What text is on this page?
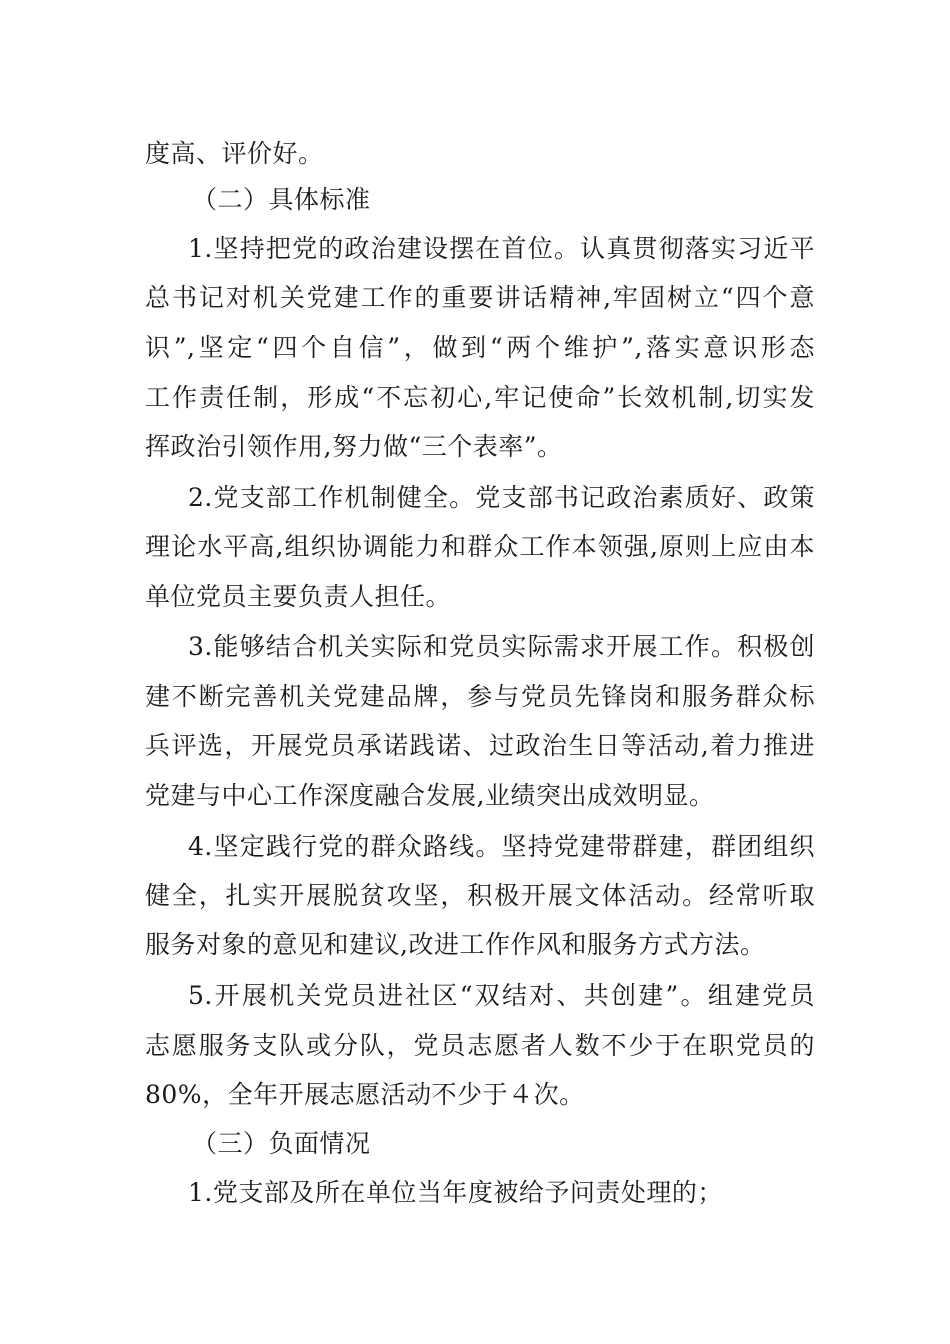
度高、评价好。
（二）具体标准
1.坚持把党的政治建设摆在首位。认真贯彻落实习近平
总书记对机关党建工作的重要讲话精神,牢固树立“四个意
识”,坚定“四个自信”，做到“两个维护”,落实意识形态
工作责任制，形成“不忘初心,牢记使命”长效机制,切实发
挥政治引领作用,努力做“三个表率”。
2.党支部工作机制健全。党支部书记政治素质好、政策
理论水平高,组织协调能力和群众工作本领强,原则上应由本
单位党员主要负责人担任。
3.能够结合机关实际和党员实际需求开展工作。积极创
建不断完善机关党建品牌，参与党员先锋岗和服务群众标
兵评选，开展党员承诺践诺、过政治生日等活动,着力推进
党建与中心工作深度融合发展,业绩突出成效明显。
4.坚定践行党的群众路线。坚持党建带群建，群团组织
健全，扎实开展脱贫攻坚，积极开展文体活动。经常听取
服务对象的意见和建议,改进工作作风和服务方式方法。
5.开展机关党员进社区“双结对、共创建”。组建党员
志愿服务支队或分队，党员志愿者人数不少于在职党员的
80%，全年开展志愿活动不少于４次。
（三）负面情况
1.党支部及所在单位当年度被给予问责处理的；
